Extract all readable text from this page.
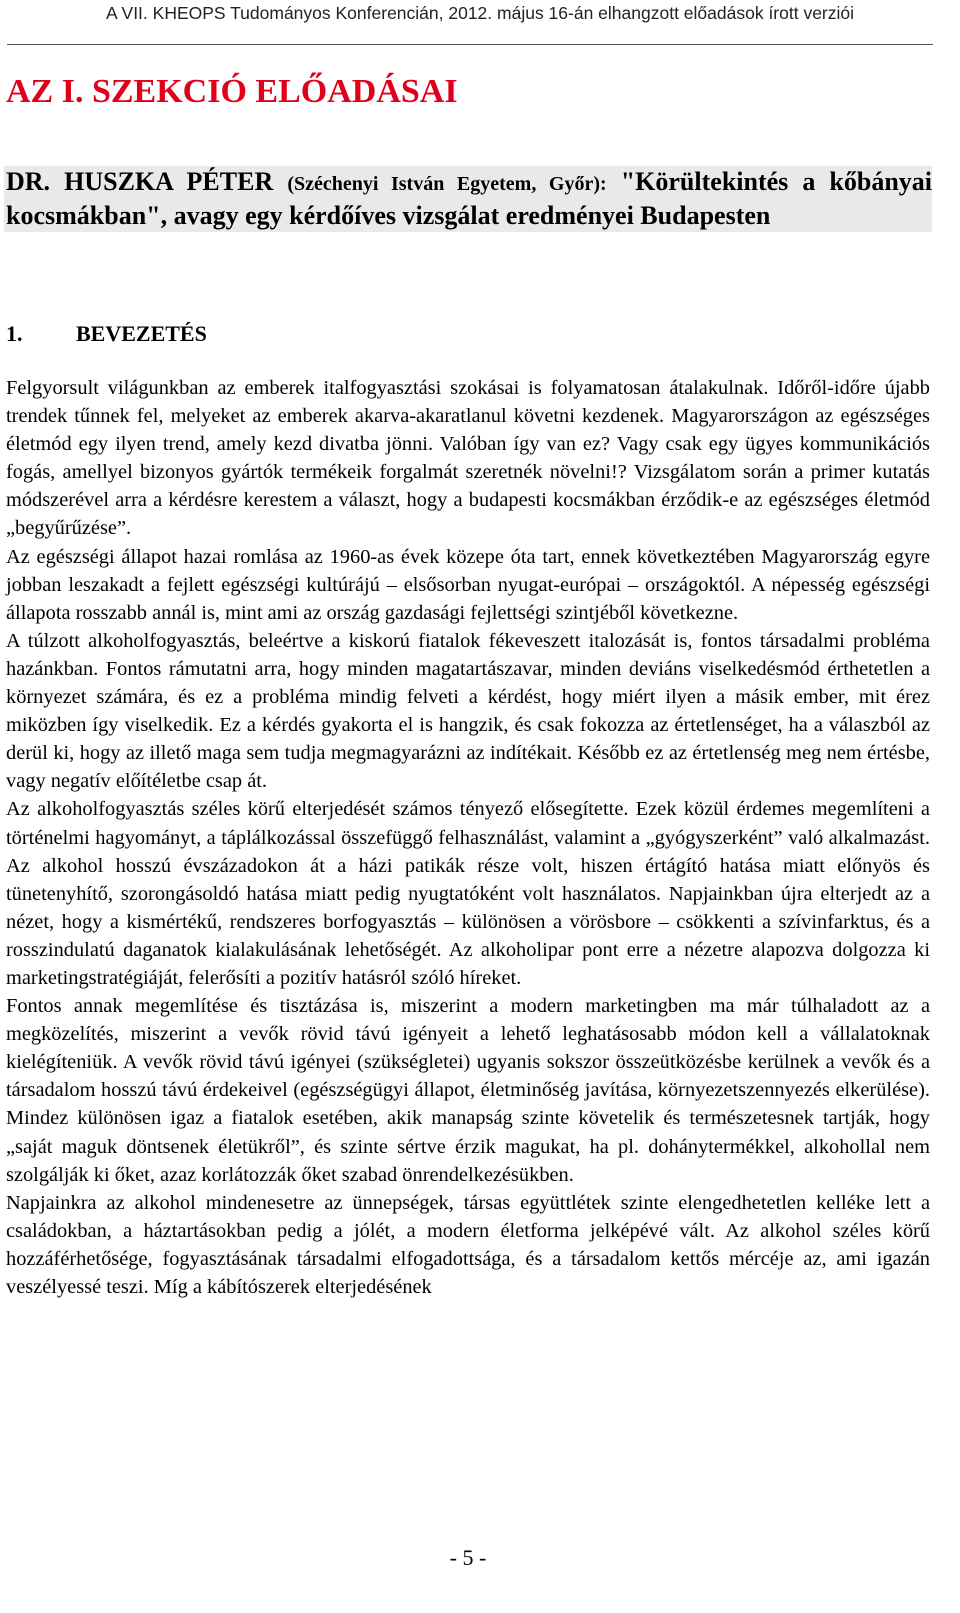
A VII. KHEOPS Tudományos Konferencián, 2012. május 16-án elhangzott előadások írott verziói
AZ I. SZEKCIÓ ELŐADÁSAI
DR. HUSZKA PÉTER (Széchenyi István Egyetem, Győr): "Körültekintés a kőbányai kocsmákban", avagy egy kérdőíves vizsgálat eredményei Budapesten
1. BEVEZETÉS

Felgyorsult világunkban az emberek italfogyasztási szokásai is folyamatosan átalakulnak. Időről-időre újabb trendek tűnnek fel, melyeket az emberek akarva-akaratlanul követni kezdenek. Magyarországon az egészséges életmód egy ilyen trend, amely kezd divatba jönni. Valóban így van ez? Vagy csak egy ügyes kommunikációs fogás, amellyel bizonyos gyártók termékeik forgalmát szeretnék növelni!? Vizsgálatom során a primer kutatás módszerével arra a kérdésre kerestem a választ, hogy a budapesti kocsmákban érződik-e az egészséges életmód „begyűrűzése”.

Az egészségi állapot hazai romlása az 1960-as évek közepe óta tart, ennek következtében Magyarország egyre jobban leszakadt a fejlett egészségi kultúrájú – elsősorban nyugat-európai – országoktól. A népesség egészségi állapota rosszabb annál is, mint ami az ország gazdasági fejlettségi szintjéből következne.

A túlzott alkoholfogyasztás, beleértve a kiskorú fiatalok fékeveszett italozását is, fontos társadalmi probléma hazánkban. Fontos rámutatni arra, hogy minden magatartászavar, minden deviáns viselkedésmód érthetetlen a környezet számára, és ez a probléma mindig felveti a kérdést, hogy miért ilyen a másik ember, mit érez miközben így viselkedik. Ez a kérdés gyakorta el is hangzik, és csak fokozza az értetlenséget, ha a válaszból az derül ki, hogy az illető maga sem tudja megmagyarázni az indítékait. Később ez az értetlenség meg nem értésbe, vagy negatív előítéletbe csap át.

Az alkoholfogyasztás széles körű elterjedését számos tényező elősegítette. Ezek közül érdemes megemlíteni a történelmi hagyományt, a táplálkozással összefüggő felhasználást, valamint a „gyógyszerként” való alkalmazást. Az alkohol hosszú évszázadokon át a házi patikák része volt, hiszen értágító hatása miatt előnyös és tünetenyhítő, szorongásoldó hatása miatt pedig nyugtatóként volt használatos. Napjainkban újra elterjedt az a nézet, hogy a kismértékű, rendszeres borfogyasztás – különösen a vörösbore – csökkenti a szívinfarktus, és a rosszindulatú daganatok kialakulásának lehetőségét. Az alkoholipar pont erre a nézetre alapozva dolgozza ki marketingstratégiáját, felerősíti a pozitív hatásról szóló híreket.

Fontos annak megemlítése és tisztázása is, miszerint a modern marketingben ma már túlhaladott az a megközelítés, miszerint a vevők rövid távú igényeit a lehető leghatásosabb módon kell a vállalatoknak kielégíteniük. A vevők rövid távú igényei (szükségletei) ugyanis sokszor összeütközésbe kerülnek a vevők és a társadalom hosszú távú érdekeivel (egészségügyi állapot, életminőség javítása, környezetszennyezés elkerülése). Mindez különösen igaz a fiatalok esetében, akik manapság szinte követelik és természetesnek tartják, hogy „saját maguk döntsenek életükről”, és szinte sértve érzik magukat, ha pl. dohánytermékkel, alkohollal nem szolgálják ki őket, azaz korlátozzák őket szabad önrendelkezésükben.

Napjainkra az alkohol mindenesetre az ünnepségek, társas együttlétek szinte elengedhetetlen kelléke lett a családokban, a háztartásokban pedig a jólét, a modern életforma jelképévé vált. Az alkohol széles körű hozzáférhetősége, fogyasztásának társadalmi elfogadottsága, és a társadalom kettős mércéje az, ami igazán veszélyessé teszi. Míg a kábítószerek elterjedésének

- 5 -
